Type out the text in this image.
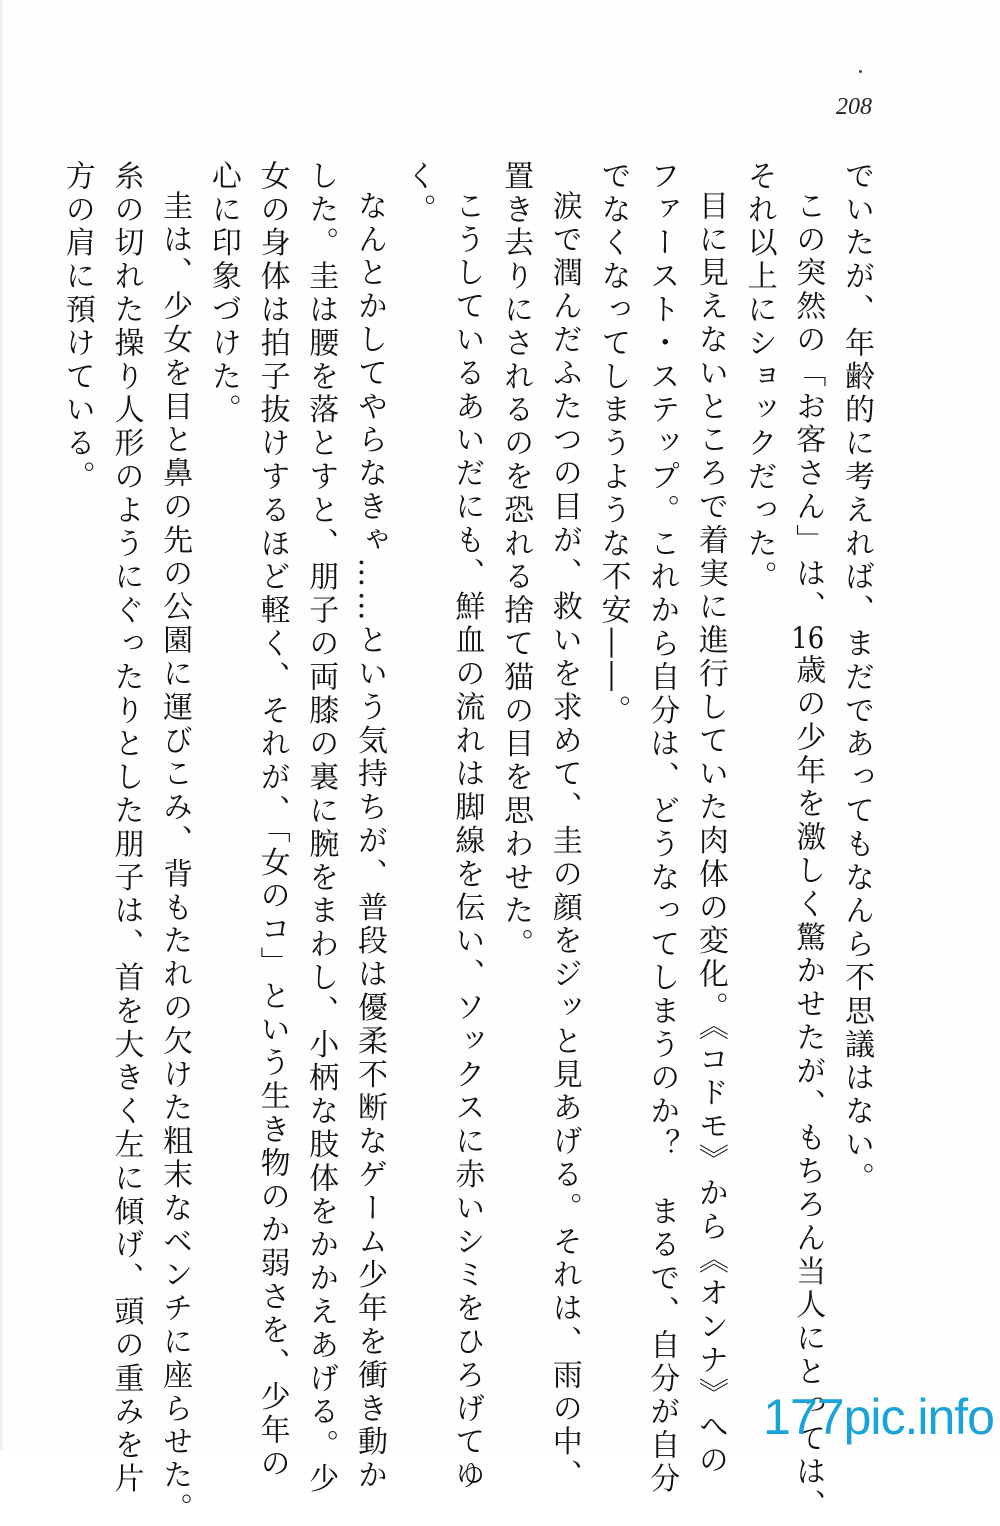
208

でいたが、年齢的に考えれば、まだであってもなんら不思議はない。

この突然の「お客さん」は、16歳の少年を激しく驚かせたが、もちろん当人にとっては、

それ以上にショックだった。

目に見えないところで着実に進行していた肉体の変化。《コドモ》から《オンナ》への

ファースト・ステップ。これから自分は、どうなってしまうのか？　まるで、自分が自分

でなくなってしまうような不安――。

涙で潤んだふたつの目が、救いを求めて、圭の顔をジッと見あげる。それは、雨の中、

置き去りにされるのを恐れる捨て猫の目を思わせた。

こうしているあいだにも、鮮血の流れは脚線を伝い、ソックスに赤いシミをひろげてゆ

く。

なんとかしてやらなきゃ……という気持ちが、普段は優柔不断なゲーム少年を衝き動か

した。圭は腰を落とすと、朋子の両膝の裏に腕をまわし、小柄な肢体をかかえあげる。少

女の身体は拍子抜けするほど軽く、それが、「女のコ」という生き物のか弱さを、少年の

心に印象づけた。

圭は、少女を目と鼻の先の公園に運びこみ、背もたれの欠けた粗末なベンチに座らせた。

糸の切れた操り人形のようにぐったりとした朋子は、首を大きく左に傾げ、頭の重みを片

方の肩に預けている。

177pic.info
